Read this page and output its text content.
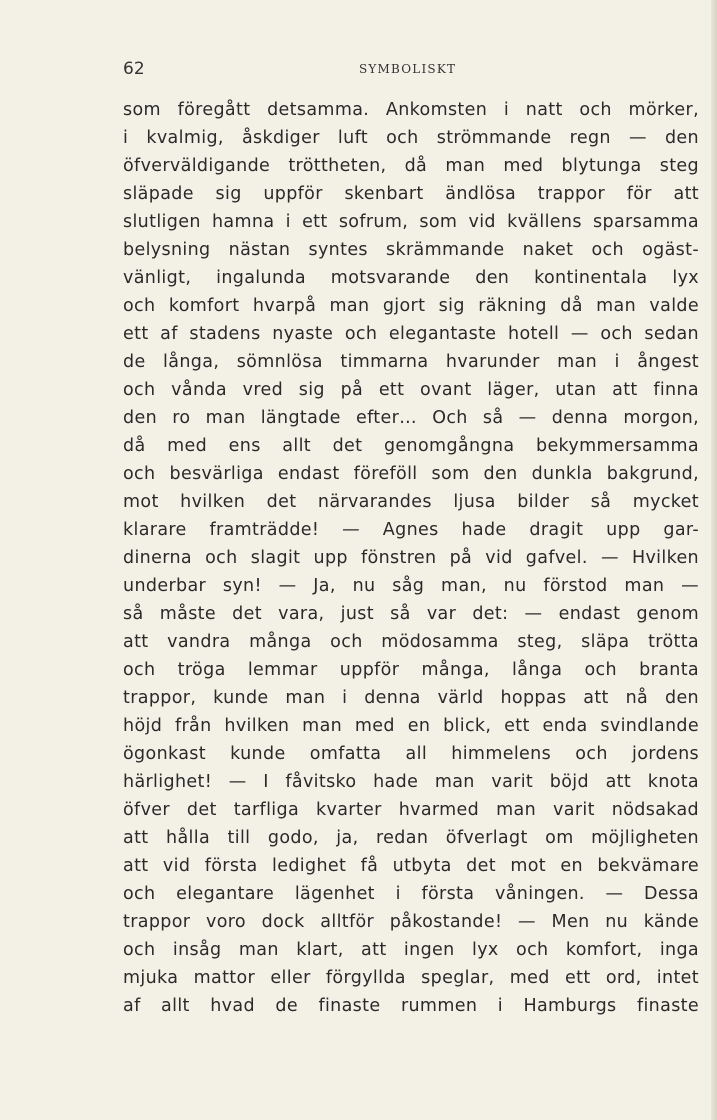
62	SYMBOLISKT
som föregått detsamma. Ankomsten i natt och mörker,
i kvalmig, åskdiger luft och strömmande regn — den
öfverväldigande tröttheten, då man med blytunga steg
släpade sig uppför skenbart ändlösa trappor för att
slutligen hamna i ett sofrum, som vid kvällens sparsamma
belysning nästan syntes skrämmande naket och ogäst-
vänligt, ingalunda motsvarande den kontinentala lyx
och komfort hvarpå man gjort sig räkning då man valde
ett af stadens nyaste och elegantaste hotell — och sedan
de långa, sömnlösa timmarna hvarunder man i ångest
och vånda vred sig på ett ovant läger, utan att finna
den ro man längtade efter… Och så — denna morgon,
då med ens allt det genomgångna bekymmersamma
och besvärliga endast föreföll som den dunkla bakgrund,
mot hvilken det närvarandes ljusa bilder så mycket
klarare framträdde! — Agnes hade dragit upp gar-
dinerna och slagit upp fönstren på vid gafvel. — Hvilken
underbar syn! — Ja, nu såg man, nu förstod man —
så måste det vara, just så var det: — endast genom
att vandra många och mödosamma steg, släpa trötta
och tröga lemmar uppför många, långa och branta
trappor, kunde man i denna värld hoppas att nå den
höjd från hvilken man med en blick, ett enda svindlande
ögonkast kunde omfatta all himmelens och jordens
härlighet! — I fåvitsko hade man varit böjd att knota
öfver det tarfliga kvarter hvarmed man varit nödsakad
att hålla till godo, ja, redan öfverlagt om möjligheten
att vid första ledighet få utbyta det mot en bekvämare
och elegantare lägenhet i första våningen. — Dessa
trappor voro dock alltför påkostande! — Men nu kände
och insåg man klart, att ingen lyx och komfort, inga
mjuka mattor eller förgyllda speglar, med ett ord, intet
af allt hvad de finaste rummen i Hamburgs finaste
